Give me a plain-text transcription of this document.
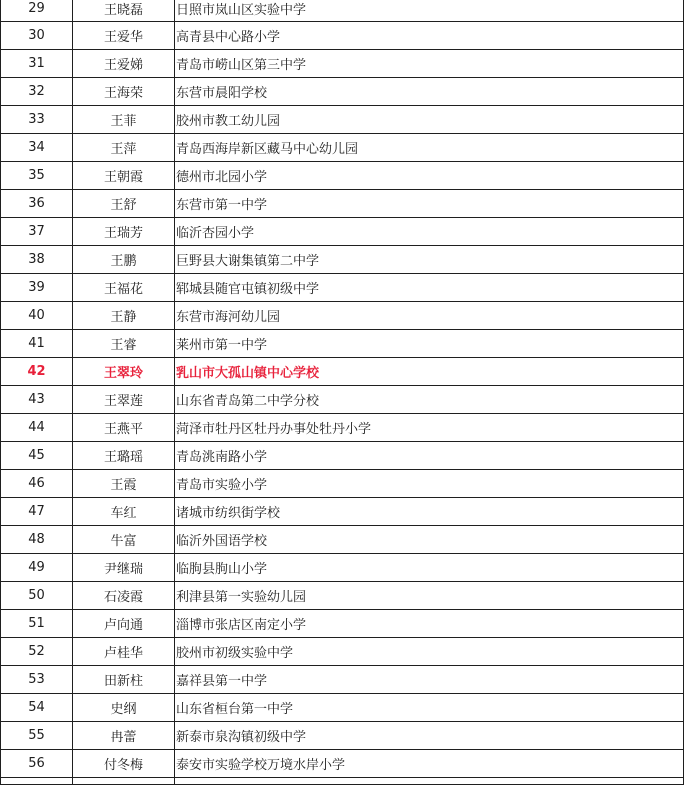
29	王晓磊	日照市岚山区实验中学
30	王爱华	高青县中心路小学
31	王爱娣	青岛市崂山区第三中学
32	王海荣	东营市晨阳学校
33	王菲	胶州市教工幼儿园
34	王萍	青岛西海岸新区藏马中心幼儿园
35	王朝霞	德州市北园小学
36	王舒	东营市第一中学
37	王瑞芳	临沂杏园小学
38	王鹏	巨野县大谢集镇第二中学
39	王福花	郓城县随官屯镇初级中学
40	王静	东营市海河幼儿园
41	王睿	莱州市第一中学
42	王翠玲	乳山市大孤山镇中心学校
43	王翠莲	山东省青岛第二中学分校
44	王燕平	菏泽市牡丹区牡丹办事处牡丹小学
45	王璐瑶	青岛洮南路小学
46	王霞	青岛市实验小学
47	车红	诸城市纺织街学校
48	牛富	临沂外国语学校
49	尹继瑞	临朐县朐山小学
50	石凌霞	利津县第一实验幼儿园
51	卢向通	淄博市张店区南定小学
52	卢桂华	胶州市初级实验中学
53	田新柱	嘉祥县第一中学
54	史纲	山东省桓台第一中学
55	冉蕾	新泰市泉沟镇初级中学
56	付冬梅	泰安市实验学校万境水岸小学
